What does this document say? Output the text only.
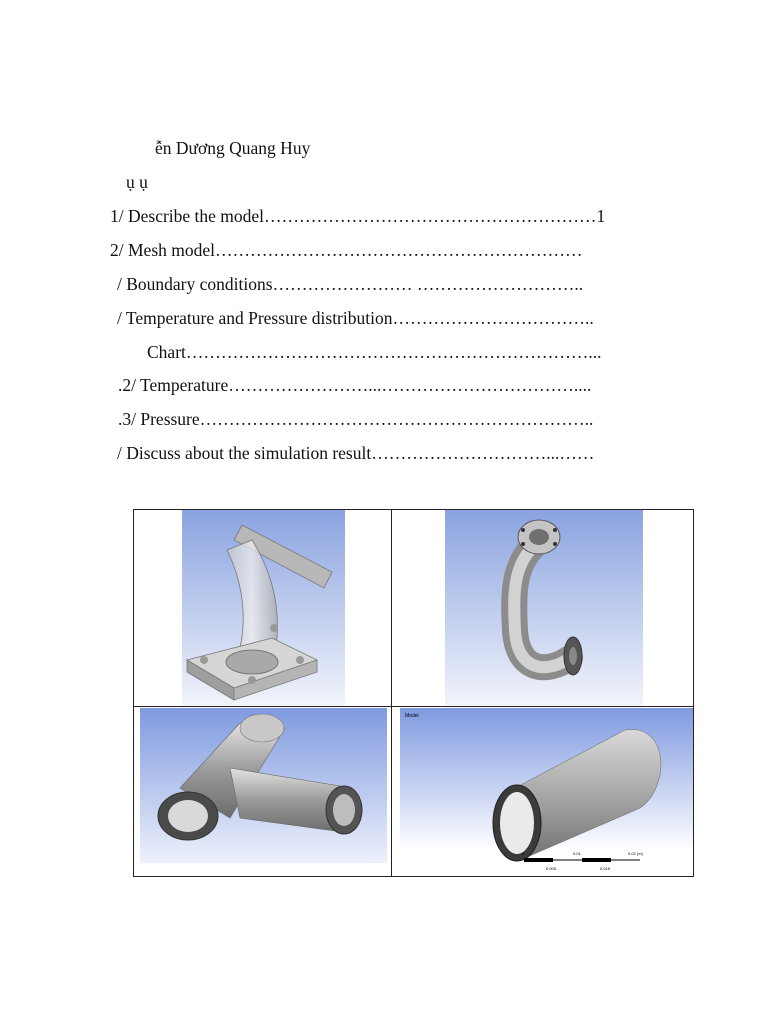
ễn Dương Quang Huy
ụ ụ
1/ Describe the model…………………………………………………1
2/ Mesh model………………………………………………………
/ Boundary conditions…………………… ………………………..
/ Temperature and Pressure distribution……………………………..
Chart……………………………………………………………...
.2/ Temperature……………………...……………………………....
.3/ Pressure…………………………………………………………..
/ Discuss about the simulation result…………………………...……
Model
0	0.01	0.02 (m)
0.005	0.015
